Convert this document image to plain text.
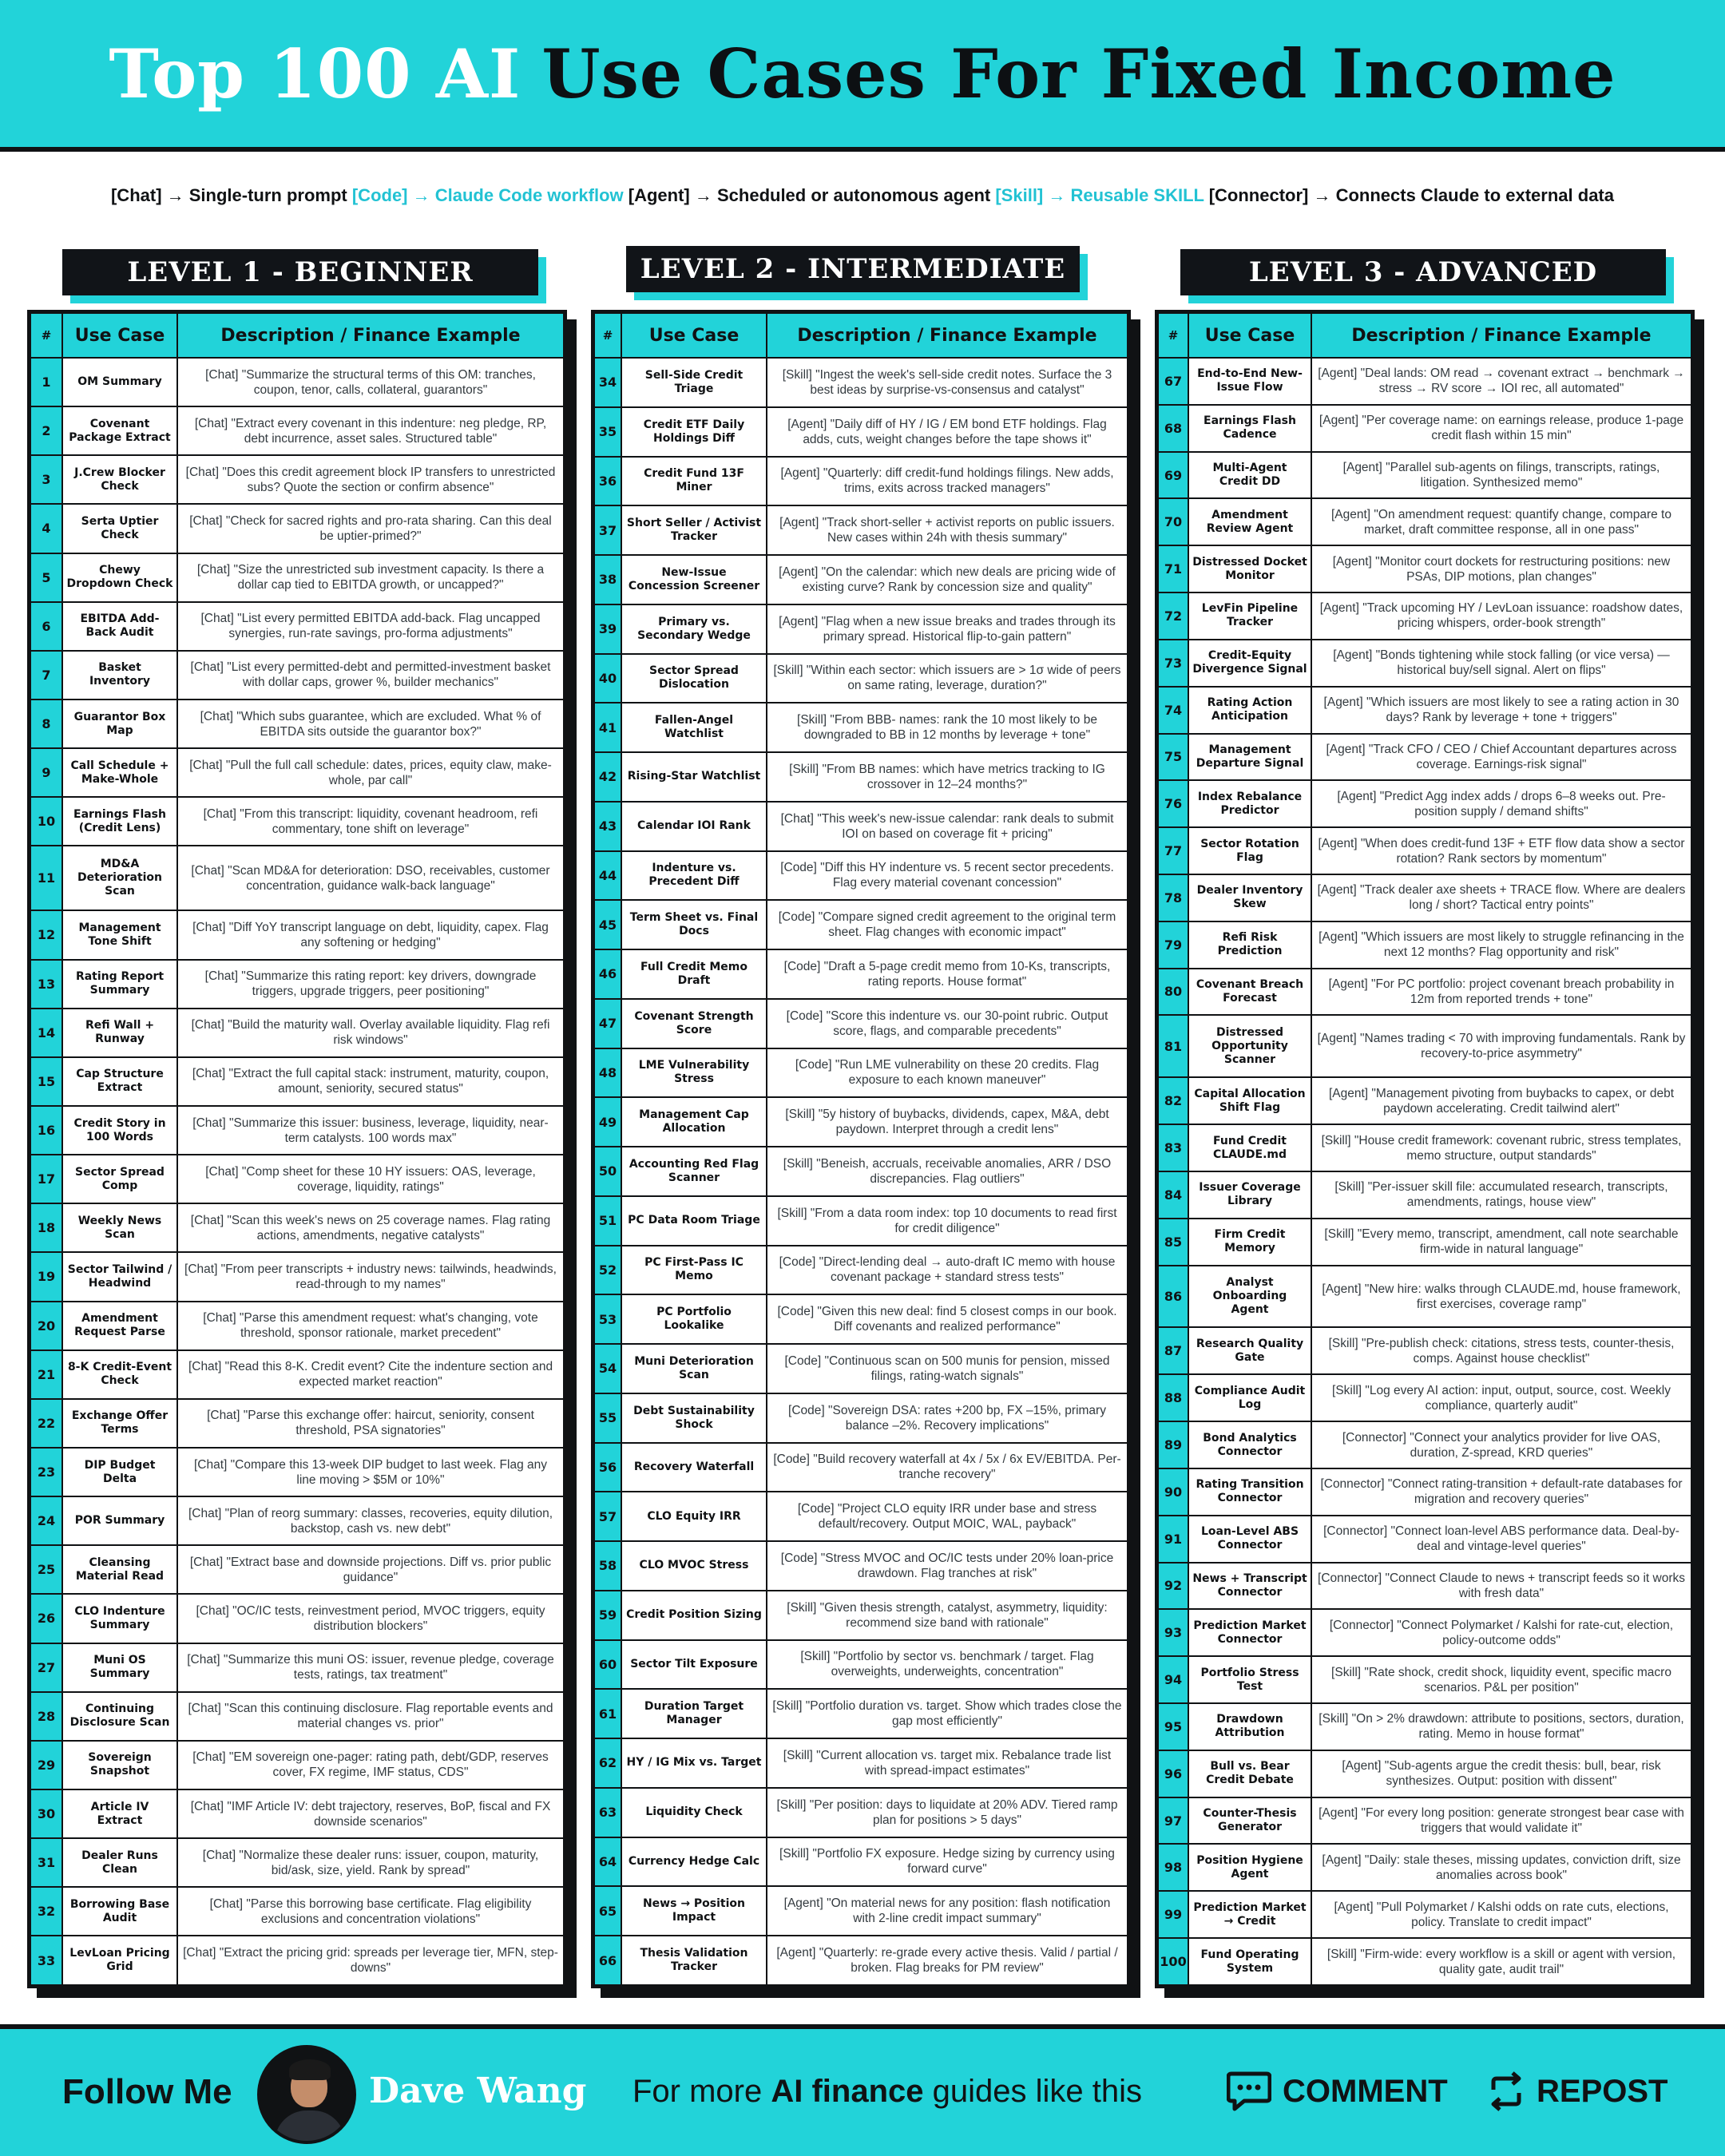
Top 100 AI Use Cases For Fixed Income
[Chat] → Single-turn prompt [Code] → Claude Code workflow [Agent] → Scheduled or autonomous agent [Skill] → Reusable SKILL [Connector] → Connects Claude to external data
LEVEL 1 - BEGINNER	LEVEL 2 - INTERMEDIATE	LEVEL 3 - ADVANCED
#	Use Case	Description / Finance Example
1	OM Summary	[Chat] "Summarize the structural terms of this OM: tranches, coupon, tenor, calls, collateral, guarantors"
2	Covenant Package Extract	[Chat] "Extract every covenant in this indenture: neg pledge, RP, debt incurrence, asset sales. Structured table"
3	J.Crew Blocker Check	[Chat] "Does this credit agreement block IP transfers to unrestricted subs? Quote the section or confirm absence"
4	Serta Uptier Check	[Chat] "Check for sacred rights and pro-rata sharing. Can this deal be uptier-primed?"
5	Chewy Dropdown Check	[Chat] "Size the unrestricted sub investment capacity. Is there a dollar cap tied to EBITDA growth, or uncapped?"
6	EBITDA Add-Back Audit	[Chat] "List every permitted EBITDA add-back. Flag uncapped synergies, run-rate savings, pro-forma adjustments"
7	Basket Inventory	[Chat] "List every permitted-debt and permitted-investment basket with dollar caps, grower %, builder mechanics"
8	Guarantor Box Map	[Chat] "Which subs guarantee, which are excluded. What % of EBITDA sits outside the guarantor box?"
9	Call Schedule + Make-Whole	[Chat] "Pull the full call schedule: dates, prices, equity claw, make-whole, par call"
10	Earnings Flash (Credit Lens)	[Chat] "From this transcript: liquidity, covenant headroom, refi commentary, tone shift on leverage"
11	MD&A Deterioration Scan	[Chat] "Scan MD&A for deterioration: DSO, receivables, customer concentration, guidance walk-back language"
12	Management Tone Shift	[Chat] "Diff YoY transcript language on debt, liquidity, capex. Flag any softening or hedging"
13	Rating Report Summary	[Chat] "Summarize this rating report: key drivers, downgrade triggers, upgrade triggers, peer positioning"
14	Refi Wall + Runway	[Chat] "Build the maturity wall. Overlay available liquidity. Flag refi risk windows"
15	Cap Structure Extract	[Chat] "Extract the full capital stack: instrument, maturity, coupon, amount, seniority, secured status"
16	Credit Story in 100 Words	[Chat] "Summarize this issuer: business, leverage, liquidity, near-term catalysts. 100 words max"
17	Sector Spread Comp	[Chat] "Comp sheet for these 10 HY issuers: OAS, leverage, coverage, liquidity, ratings"
18	Weekly News Scan	[Chat] "Scan this week's news on 25 coverage names. Flag rating actions, amendments, negative catalysts"
19	Sector Tailwind / Headwind	[Chat] "From peer transcripts + industry news: tailwinds, headwinds, read-through to my names"
20	Amendment Request Parse	[Chat] "Parse this amendment request: what's changing, vote threshold, sponsor rationale, market precedent"
21	8-K Credit-Event Check	[Chat] "Read this 8-K. Credit event? Cite the indenture section and expected market reaction"
22	Exchange Offer Terms	[Chat] "Parse this exchange offer: haircut, seniority, consent threshold, PSA signatories"
23	DIP Budget Delta	[Chat] "Compare this 13-week DIP budget to last week. Flag any line moving > $5M or 10%"
24	POR Summary	[Chat] "Plan of reorg summary: classes, recoveries, equity dilution, backstop, cash vs. new debt"
25	Cleansing Material Read	[Chat] "Extract base and downside projections. Diff vs. prior public guidance"
26	CLO Indenture Summary	[Chat] "OC/IC tests, reinvestment period, MVOC triggers, equity distribution blockers"
27	Muni OS Summary	[Chat] "Summarize this muni OS: issuer, revenue pledge, coverage tests, ratings, tax treatment"
28	Continuing Disclosure Scan	[Chat] "Scan this continuing disclosure. Flag reportable events and material changes vs. prior"
29	Sovereign Snapshot	[Chat] "EM sovereign one-pager: rating path, debt/GDP, reserves cover, FX regime, IMF status, CDS"
30	Article IV Extract	[Chat] "IMF Article IV: debt trajectory, reserves, BoP, fiscal and FX downside scenarios"
31	Dealer Runs Clean	[Chat] "Normalize these dealer runs: issuer, coupon, maturity, bid/ask, size, yield. Rank by spread"
32	Borrowing Base Audit	[Chat] "Parse this borrowing base certificate. Flag eligibility exclusions and concentration violations"
33	LevLoan Pricing Grid	[Chat] "Extract the pricing grid: spreads per leverage tier, MFN, step-downs"
#	Use Case	Description / Finance Example
34	Sell-Side Credit Triage	[Skill] "Ingest the week's sell-side credit notes. Surface the 3 best ideas by surprise-vs-consensus and catalyst"
35	Credit ETF Daily Holdings Diff	[Agent] "Daily diff of HY / IG / EM bond ETF holdings. Flag adds, cuts, weight changes before the tape shows it"
36	Credit Fund 13F Miner	[Agent] "Quarterly: diff credit-fund holdings filings. New adds, trims, exits across tracked managers"
37	Short Seller / Activist Tracker	[Agent] "Track short-seller + activist reports on public issuers. New cases within 24h with thesis summary"
38	New-Issue Concession Screener	[Agent] "On the calendar: which new deals are pricing wide of existing curve? Rank by concession size and quality"
39	Primary vs. Secondary Wedge	[Agent] "Flag when a new issue breaks and trades through its primary spread. Historical flip-to-gain pattern"
40	Sector Spread Dislocation	[Skill] "Within each sector: which issuers are > 1σ wide of peers on same rating, leverage, duration?"
41	Fallen-Angel Watchlist	[Skill] "From BBB- names: rank the 10 most likely to be downgraded to BB in 12 months by leverage + tone"
42	Rising-Star Watchlist	[Skill] "From BB names: which have metrics tracking to IG crossover in 12–24 months?"
43	Calendar IOI Rank	[Chat] "This week's new-issue calendar: rank deals to submit IOI on based on coverage fit + pricing"
44	Indenture vs. Precedent Diff	[Code] "Diff this HY indenture vs. 5 recent sector precedents. Flag every material covenant concession"
45	Term Sheet vs. Final Docs	[Code] "Compare signed credit agreement to the original term sheet. Flag changes with economic impact"
46	Full Credit Memo Draft	[Code] "Draft a 5-page credit memo from 10-Ks, transcripts, rating reports. House format"
47	Covenant Strength Score	[Code] "Score this indenture vs. our 30-point rubric. Output score, flags, and comparable precedents"
48	LME Vulnerability Stress	[Code] "Run LME vulnerability on these 20 credits. Flag exposure to each known maneuver"
49	Management Cap Allocation	[Skill] "5y history of buybacks, dividends, capex, M&A, debt paydown. Interpret through a credit lens"
50	Accounting Red Flag Scanner	[Skill] "Beneish, accruals, receivable anomalies, ARR / DSO discrepancies. Flag outliers"
51	PC Data Room Triage	[Skill] "From a data room index: top 10 documents to read first for credit diligence"
52	PC First-Pass IC Memo	[Code] "Direct-lending deal → auto-draft IC memo with house covenant package + standard stress tests"
53	PC Portfolio Lookalike	[Code] "Given this new deal: find 5 closest comps in our book. Diff covenants and realized performance"
54	Muni Deterioration Scan	[Code] "Continuous scan on 500 munis for pension, missed filings, rating-watch signals"
55	Debt Sustainability Shock	[Code] "Sovereign DSA: rates +200 bp, FX –15%, primary balance –2%. Recovery implications"
56	Recovery Waterfall	[Code] "Build recovery waterfall at 4x / 5x / 6x EV/EBITDA. Per-tranche recovery"
57	CLO Equity IRR	[Code] "Project CLO equity IRR under base and stress default/recovery. Output MOIC, WAL, payback"
58	CLO MVOC Stress	[Code] "Stress MVOC and OC/IC tests under 20% loan-price drawdown. Flag tranches at risk"
59	Credit Position Sizing	[Skill] "Given thesis strength, catalyst, asymmetry, liquidity: recommend size band with rationale"
60	Sector Tilt Exposure	[Skill] "Portfolio by sector vs. benchmark / target. Flag overweights, underweights, concentration"
61	Duration Target Manager	[Skill] "Portfolio duration vs. target. Show which trades close the gap most efficiently"
62	HY / IG Mix vs. Target	[Skill] "Current allocation vs. target mix. Rebalance trade list with spread-impact estimates"
63	Liquidity Check	[Skill] "Per position: days to liquidate at 20% ADV. Tiered ramp plan for positions > 5 days"
64	Currency Hedge Calc	[Skill] "Portfolio FX exposure. Hedge sizing by currency using forward curve"
65	News → Position Impact	[Agent] "On material news for any position: flash notification with 2-line credit impact summary"
66	Thesis Validation Tracker	[Agent] "Quarterly: re-grade every active thesis. Valid / partial / broken. Flag breaks for PM review"
#	Use Case	Description / Finance Example
67	End-to-End New-Issue Flow	[Agent] "Deal lands: OM read → covenant extract → benchmark → stress → RV score → IOI rec, all automated"
68	Earnings Flash Cadence	[Agent] "Per coverage name: on earnings release, produce 1-page credit flash within 15 min"
69	Multi-Agent Credit DD	[Agent] "Parallel sub-agents on filings, transcripts, ratings, litigation. Synthesized memo"
70	Amendment Review Agent	[Agent] "On amendment request: quantify change, compare to market, draft committee response, all in one pass"
71	Distressed Docket Monitor	[Agent] "Monitor court dockets for restructuring positions: new PSAs, DIP motions, plan changes"
72	LevFin Pipeline Tracker	[Agent] "Track upcoming HY / LevLoan issuance: roadshow dates, pricing whispers, order-book strength"
73	Credit-Equity Divergence Signal	[Agent] "Bonds tightening while stock falling (or vice versa) — historical buy/sell signal. Alert on flips"
74	Rating Action Anticipation	[Agent] "Which issuers are most likely to see a rating action in 30 days? Rank by leverage + tone + triggers"
75	Management Departure Signal	[Agent] "Track CFO / CEO / Chief Accountant departures across coverage. Earnings-risk signal"
76	Index Rebalance Predictor	[Agent] "Predict Agg index adds / drops 6–8 weeks out. Pre-position supply / demand shifts"
77	Sector Rotation Flag	[Agent] "When does credit-fund 13F + ETF flow data show a sector rotation? Rank sectors by momentum"
78	Dealer Inventory Skew	[Agent] "Track dealer axe sheets + TRACE flow. Where are dealers long / short? Tactical entry points"
79	Refi Risk Prediction	[Agent] "Which issuers are most likely to struggle refinancing in the next 12 months? Flag opportunity and risk"
80	Covenant Breach Forecast	[Agent] "For PC portfolio: project covenant breach probability in 12m from reported trends + tone"
81	Distressed Opportunity Scanner	[Agent] "Names trading < 70 with improving fundamentals. Rank by recovery-to-price asymmetry"
82	Capital Allocation Shift Flag	[Agent] "Management pivoting from buybacks to capex, or debt paydown accelerating. Credit tailwind alert"
83	Fund Credit CLAUDE.md	[Skill] "House credit framework: covenant rubric, stress templates, memo structure, output standards"
84	Issuer Coverage Library	[Skill] "Per-issuer skill file: accumulated research, transcripts, amendments, ratings, house view"
85	Firm Credit Memory	[Skill] "Every memo, transcript, amendment, call note searchable firm-wide in natural language"
86	Analyst Onboarding Agent	[Agent] "New hire: walks through CLAUDE.md, house framework, first exercises, coverage ramp"
87	Research Quality Gate	[Skill] "Pre-publish check: citations, stress tests, counter-thesis, comps. Against house checklist"
88	Compliance Audit Log	[Skill] "Log every AI action: input, output, source, cost. Weekly compliance, quarterly audit"
89	Bond Analytics Connector	[Connector] "Connect your analytics provider for live OAS, duration, Z-spread, KRD queries"
90	Rating Transition Connector	[Connector] "Connect rating-transition + default-rate databases for migration and recovery queries"
91	Loan-Level ABS Connector	[Connector] "Connect loan-level ABS performance data. Deal-by-deal and vintage-level queries"
92	News + Transcript Connector	[Connector] "Connect Claude to news + transcript feeds so it works with fresh data"
93	Prediction Market Connector	[Connector] "Connect Polymarket / Kalshi for rate-cut, election, policy-outcome odds"
94	Portfolio Stress Test	[Skill] "Rate shock, credit shock, liquidity event, specific macro scenarios. P&L per position"
95	Drawdown Attribution	[Skill] "On > 2% drawdown: attribute to positions, sectors, duration, rating. Memo in house format"
96	Bull vs. Bear Credit Debate	[Agent] "Sub-agents argue the credit thesis: bull, bear, risk synthesizes. Output: position with dissent"
97	Counter-Thesis Generator	[Agent] "For every long position: generate strongest bear case with triggers that would validate it"
98	Position Hygiene Agent	[Agent] "Daily: stale theses, missing updates, conviction drift, size anomalies across book"
99	Prediction Market → Credit	[Agent] "Pull Polymarket / Kalshi odds on rate cuts, elections, policy. Translate to credit impact"
100	Fund Operating System	[Skill] "Firm-wide: every workflow is a skill or agent with version, quality gate, audit trail"
Follow Me	Dave Wang For more AI finance guides like this	COMMENT	REPOST
